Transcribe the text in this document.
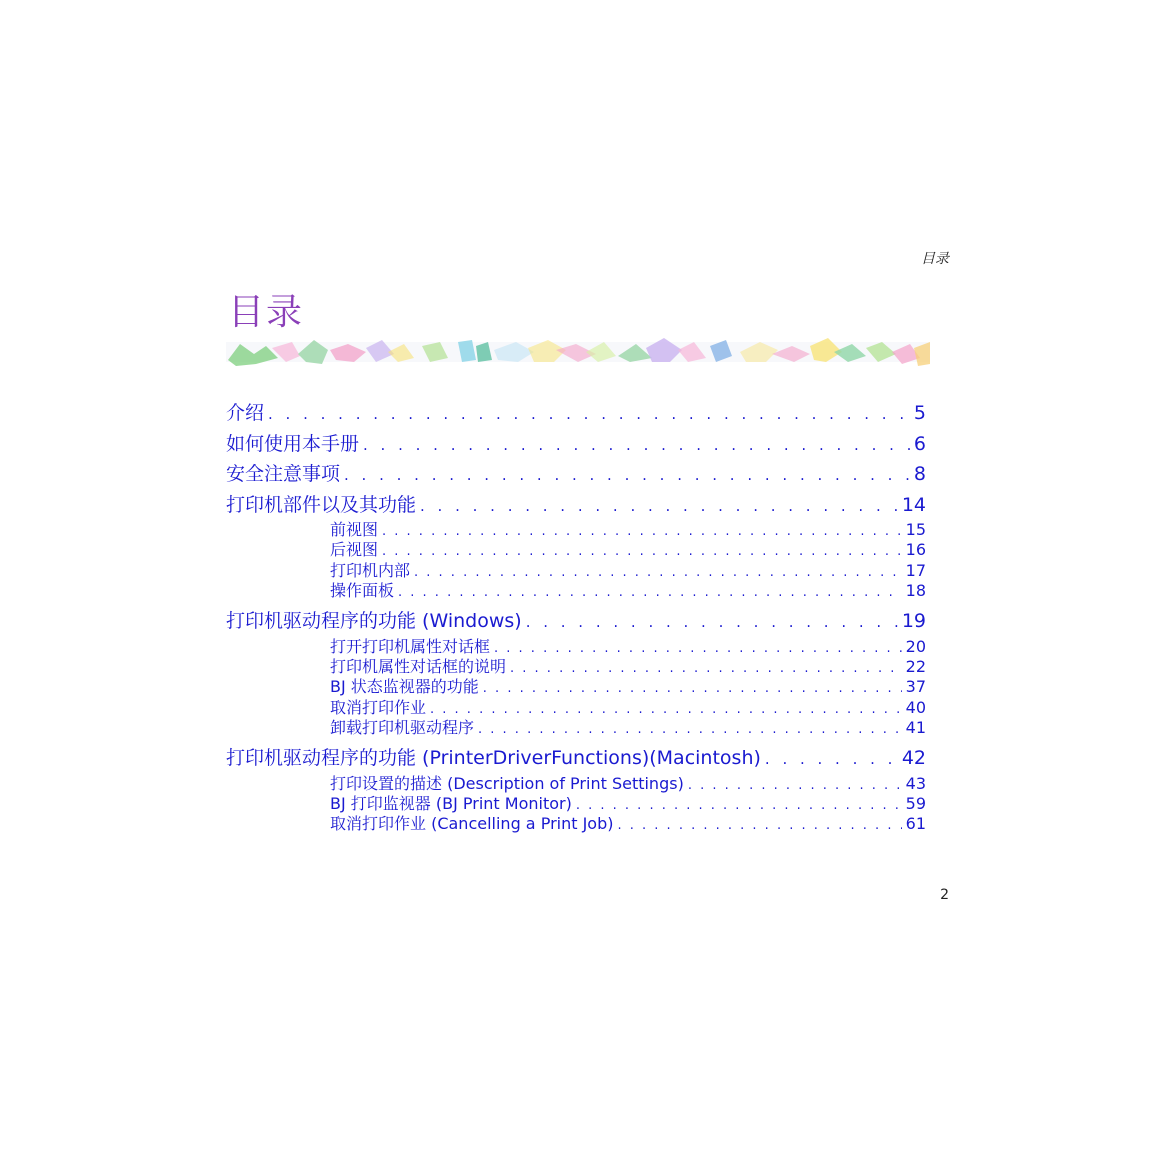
目录
目录
介绍 . . .	5
如何使用本手册 . . .	6
安全注意事项 . . .	8
打印机部件以及其功能 . . .	14
前视图 . . .	15
后视图 . . .	16
打印机内部 . . .	17
操作面板 . . .	18
打印机驱动程序的功能 (Windows) . . .	19
打开打印机属性对话框 . . .	20
打印机属性对话框的说明 . . .	22
BJ 状态监视器的功能 . . .	37
取消打印作业 . . .	40
卸载打印机驱动程序 . . .	41
打印机驱动程序的功能 (PrinterDriverFunctions)(Macintosh) . . .	42
打印设置的描述 (Description of Print Settings) . . .	43
BJ 打印监视器 (BJ Print Monitor) . . .	59
取消打印作业 (Cancelling a Print Job) . . .	61
2
